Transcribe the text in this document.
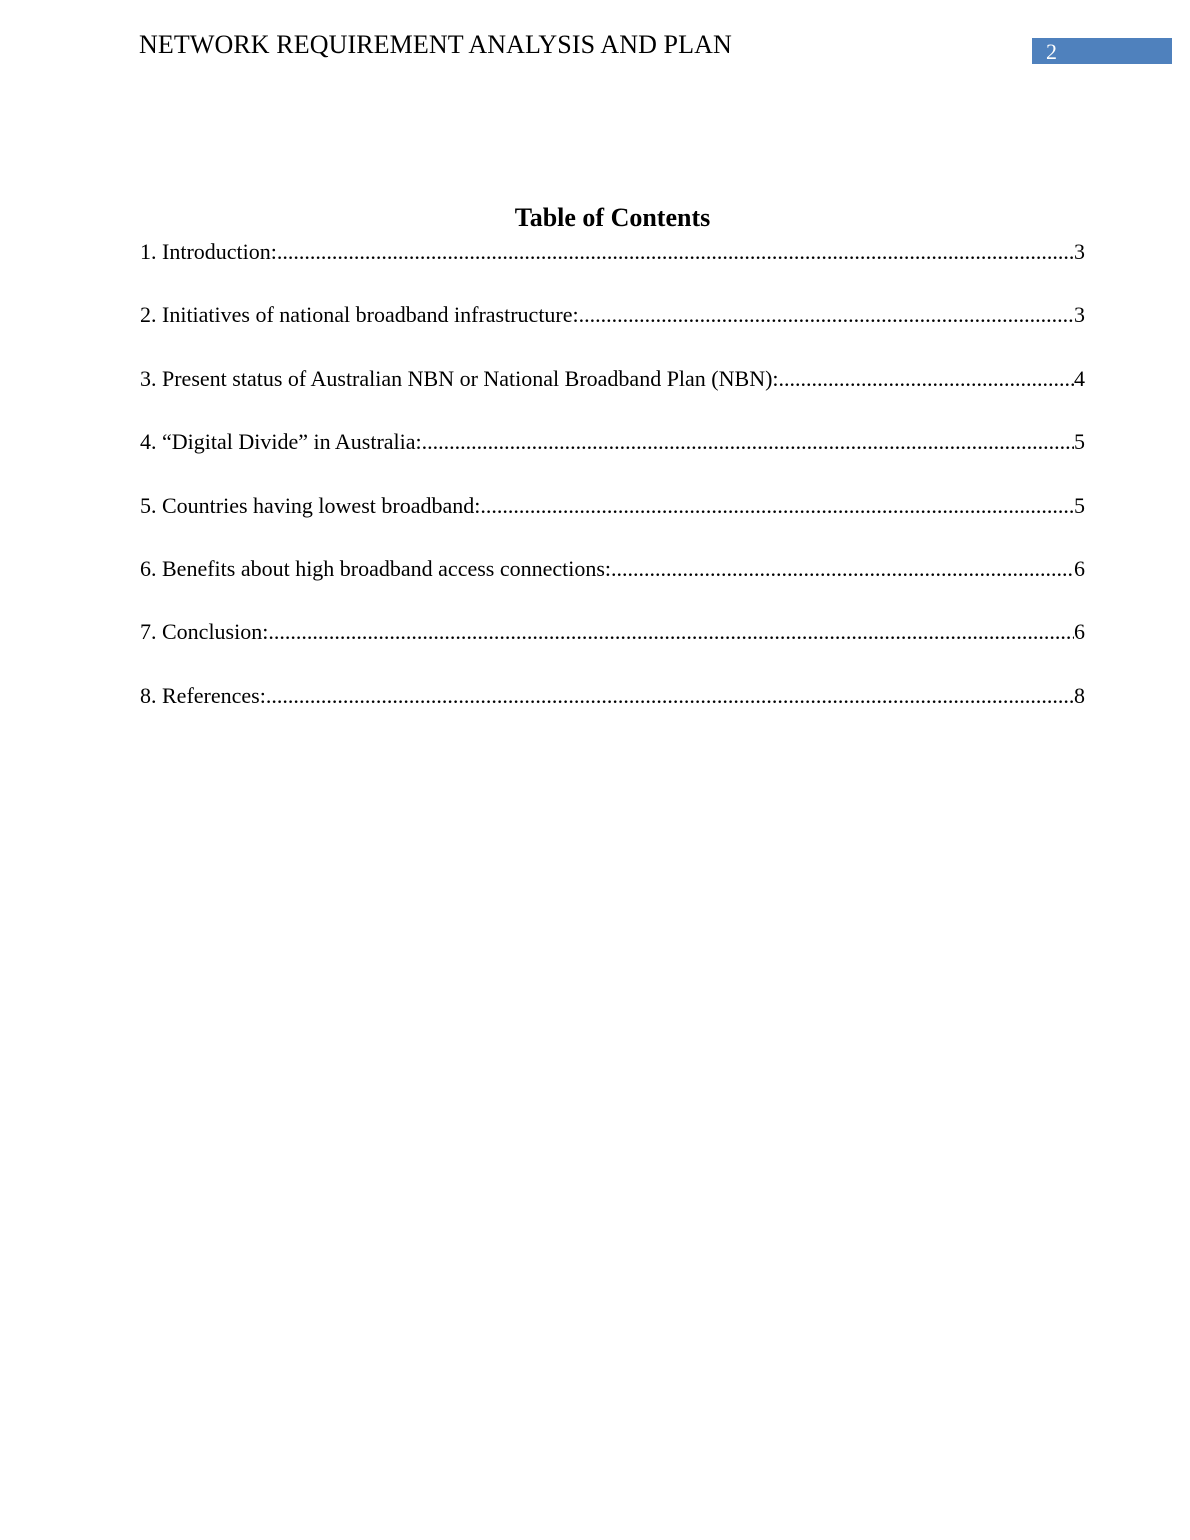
NETWORK REQUIREMENT ANALYSIS AND PLAN	2
Table of Contents
1. Introduction: .....	3
2. Initiatives of national broadband infrastructure: .....	3
3. Present status of Australian NBN or National Broadband Plan (NBN): .....	4
4. “Digital Divide” in Australia: .....	5
5. Countries having lowest broadband: .....	5
6. Benefits about high broadband access connections: .....	6
7. Conclusion: .....	6
8. References: .....	8
